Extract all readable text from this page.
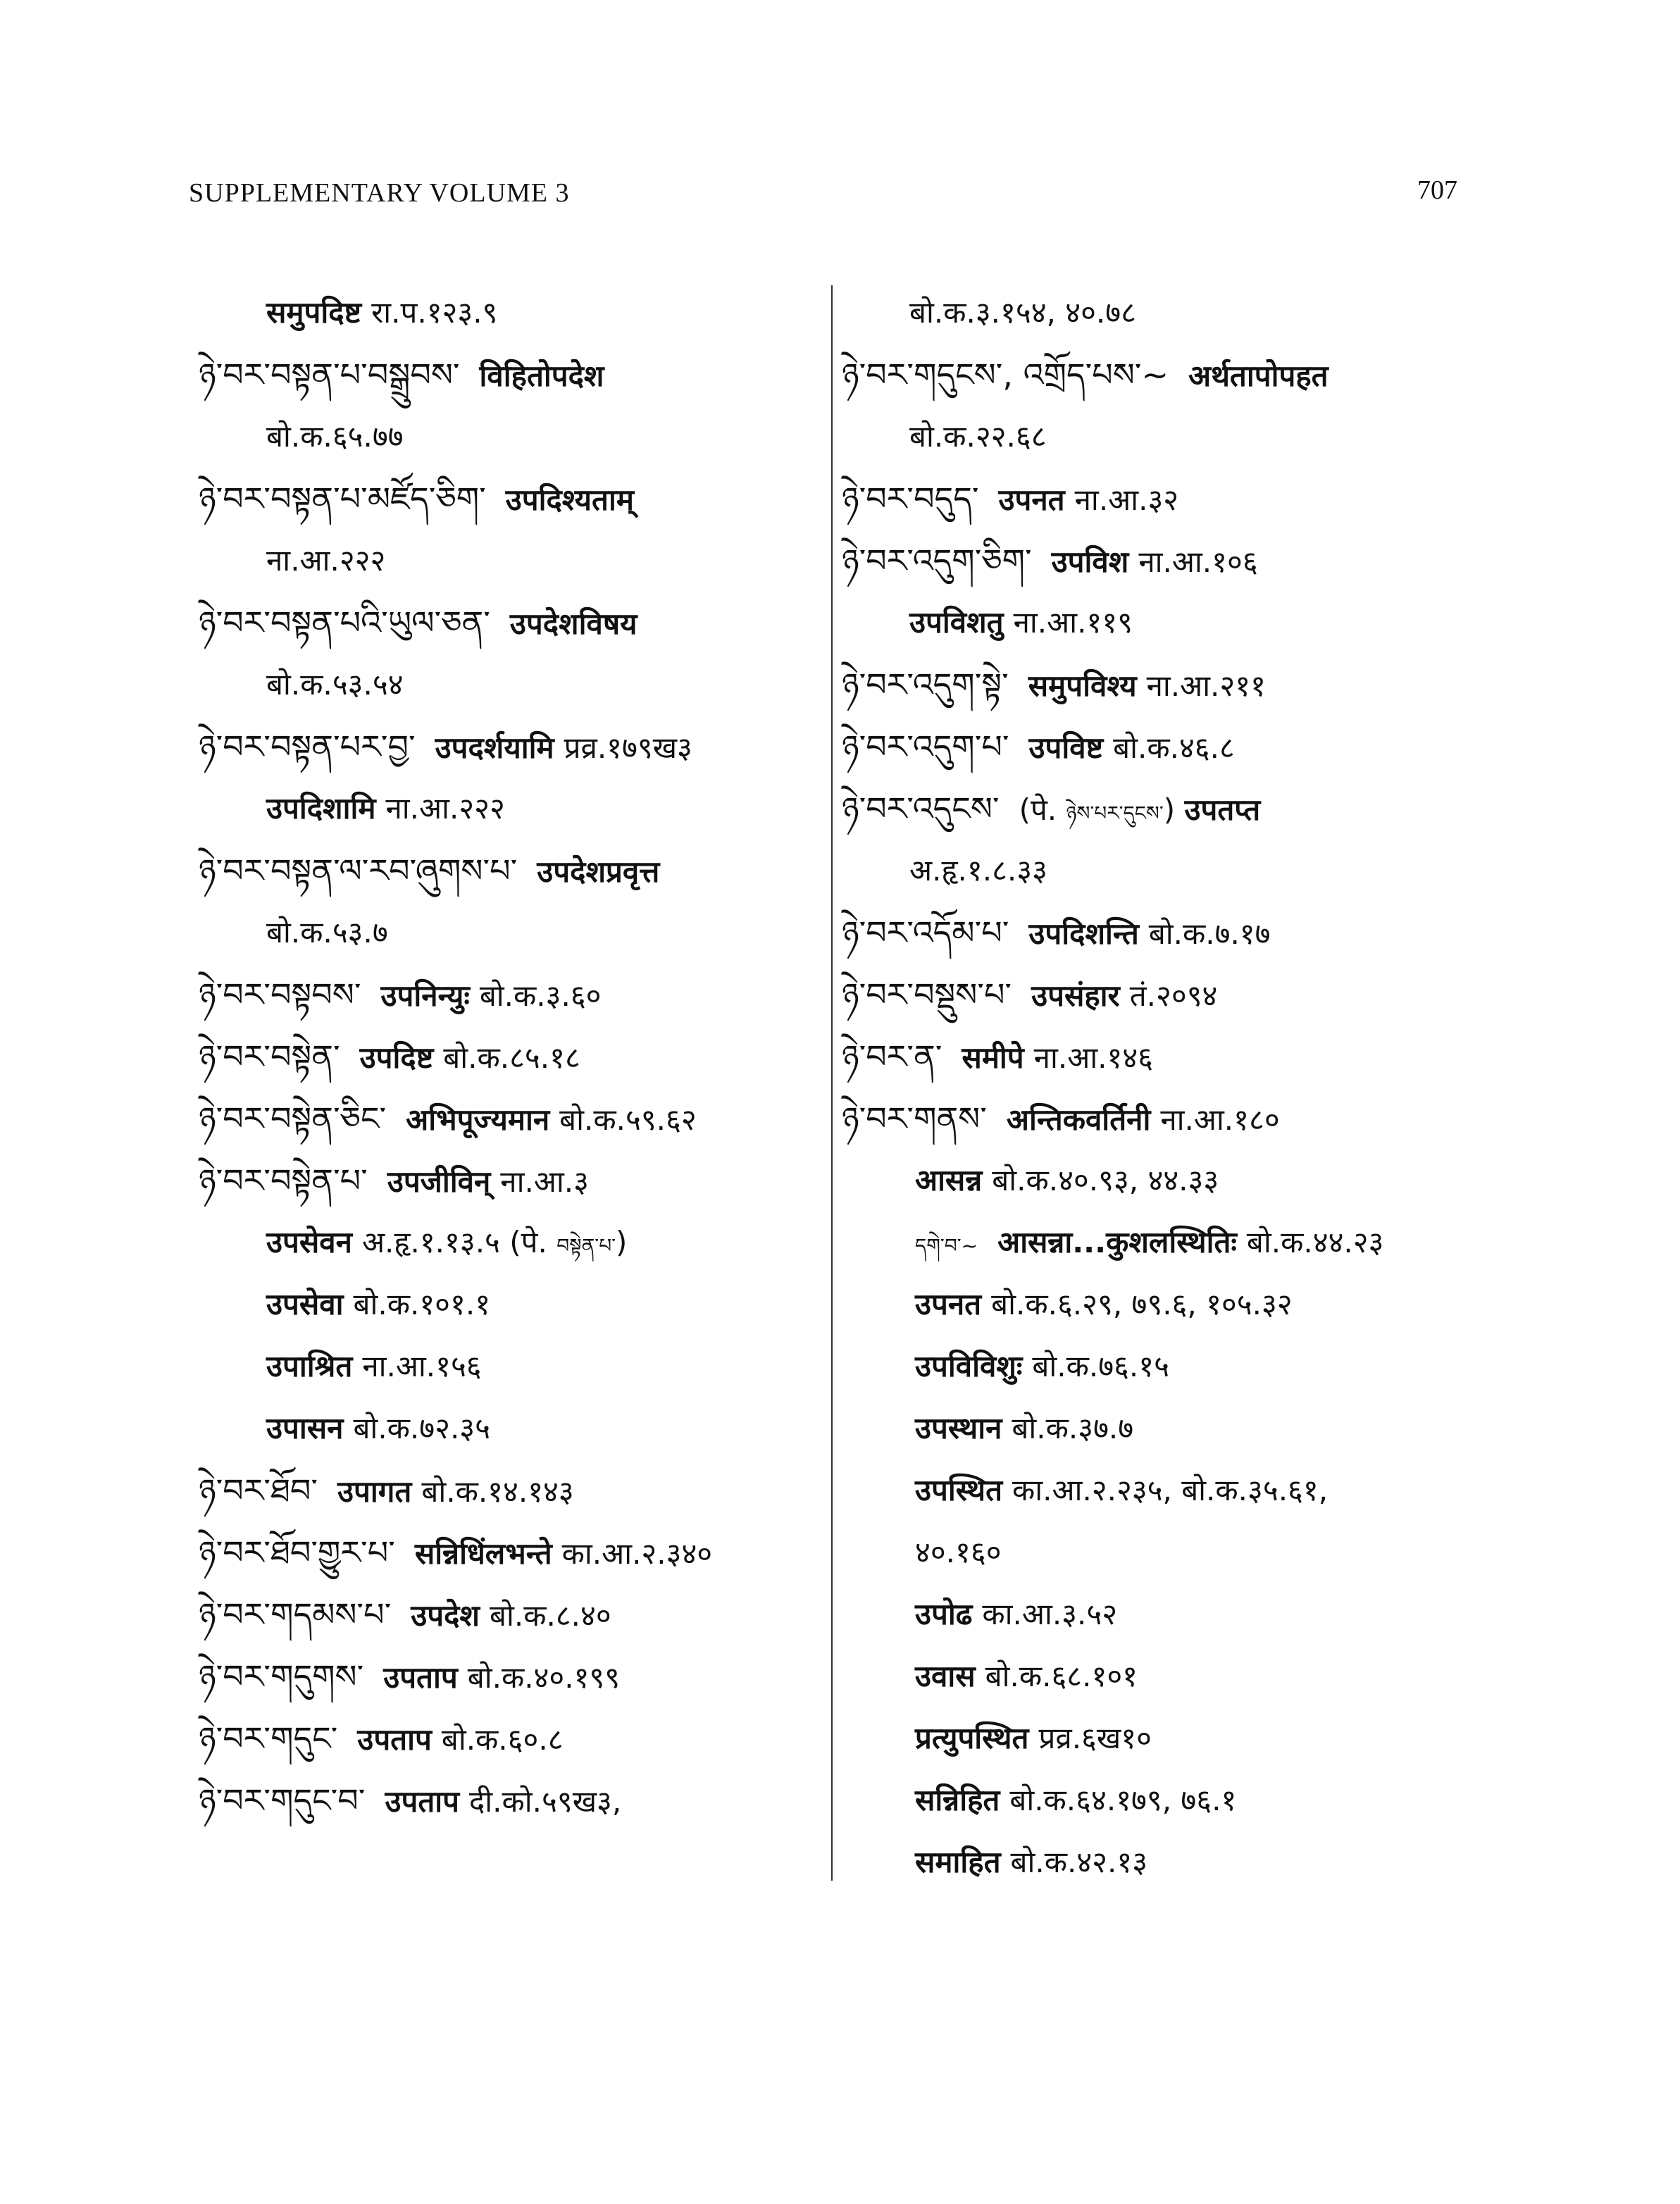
SUPPLEMENTARY VOLUME 3	707
समुपदिष्ट रा.प.१२३.९
ཉེ་བར་བསྟན་པ་བསྒྲུབས་ विहितोपदेश
बो.क.६५.७७
ཉེ་བར་བསྟན་པ་མཛོད་ཅིག་ उपदिश्यताम्
ना.आ.२२२
ཉེ་བར་བསྟན་པའི་ཡུལ་ཅན་ उपदेशविषय
बो.क.५३.५४
ཉེ་བར་བསྟན་པར་བྱ་ उपदर्शयामि प्रव्र.१७९ख३
उपदिशामि ना.आ.२२२
ཉེ་བར་བསྟན་ལ་རབ་ཞུགས་པ་ उपदेशप्रवृत्त
बो.क.५३.७
ཉེ་བར་བསྟབས་ उपनिन्युः बो.क.३.६०
ཉེ་བར་བསྟེན་ उपदिष्ट बो.क.८५.१८
ཉེ་བར་བསྟེན་ཅིང་ अभिपूज्यमान बो.क.५९.६२
ཉེ་བར་བསྟེན་པ་ उपजीविन् ना.आ.३
उपसेवन अ.हृ.१.१३.५ (पे. བསྟེན་པ་)
उपसेवा बो.क.१०१.१
उपाश्रित ना.आ.१५६
उपासन बो.क.७२.३५
ཉེ་བར་ཐོབ་ उपागत बो.क.१४.१४३
ཉེ་བར་ཐོབ་གྱུར་པ་ सन्निधिंलभन्ते का.आ.२.३४०
ཉེ་བར་གདམས་པ་ उपदेश बो.क.८.४०
ཉེ་བར་གདུགས་ उपताप बो.क.४०.१९९
ཉེ་བར་གདུང་ उपताप बो.क.६०.८
ཉེ་བར་གདུང་བ་ उपताप दी.को.५९ख३,
बो.क.३.१५४, ४०.७८
ཉེ་བར་གདུངས་, འགྲོད་པས་~ अर्थतापोपहत
बो.क.२२.६८
ཉེ་བར་བདུད་ उपनत ना.आ.३२
ཉེ་བར་འདུག་ཅིག་ उपविश ना.आ.१०६
उपविशतु ना.आ.११९
ཉེ་བར་འདུག་སྟེ་ समुपविश्य ना.आ.२११
ཉེ་བར་འདུག་པ་ उपविष्ट बो.क.४६.८
ཉེ་བར་འདུངས་ (पे. ཉེས་པར་དུངས་) उपतप्त
अ.हृ.१.८.३३
ཉེ་བར་འདོམ་པ་ उपदिशन्ति बो.क.७.१७
ཉེ་བར་བསྡུས་པ་ उपसंहार तं.२०९४
ཉེ་བར་ན་ समीपे ना.आ.१४६
ཉེ་བར་གནས་ अन्तिकवर्तिनी ना.आ.१८०
आसन्न बो.क.४०.९३, ४४.३३
དགེ་བ་~ आसन्ना...कुशलस्थितिः बो.क.४४.२३
उपनत बो.क.६.२९, ७९.६, १०५.३२
उपविविशुः बो.क.७६.१५
उपस्थान बो.क.३७.७
उपस्थित का.आ.२.२३५, बो.क.३५.६१,
४०.१६०
उपोढ का.आ.३.५२
उवास बो.क.६८.१०१
प्रत्युपस्थित प्रव्र.६ख१०
सन्निहित बो.क.६४.१७९, ७६.१
समाहित बो.क.४२.१३
